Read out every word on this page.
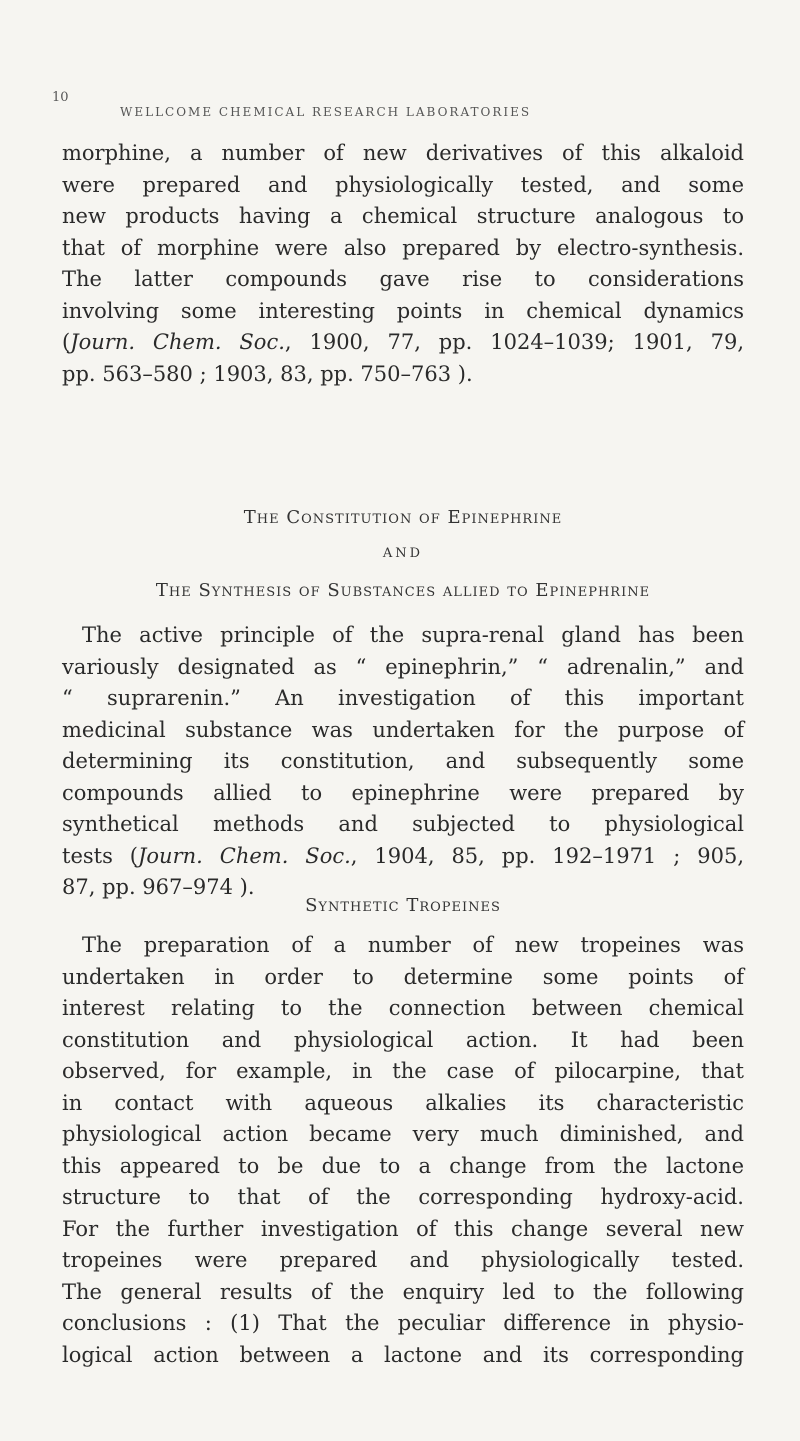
10
WELLCOME CHEMICAL RESEARCH LABORATORIES
morphine, a number of new derivatives of this alkaloid
were prepared and physiologically tested, and some
new products having a chemical structure analogous to
that of morphine were also prepared by electro-synthesis.
The latter compounds gave rise to considerations
involving some interesting points in chemical dynamics
(Journ. Chem. Soc., 1900, 77, pp. 1024–1039; 1901, 79,
pp. 563–580 ; 1903, 83, pp. 750–763 ).
The Constitution of Epinephrine
AND
The Synthesis of Substances allied to Epinephrine
The active principle of the supra-renal gland has been
variously designated as “ epinephrin,” “ adrenalin,” and
“ suprarenin.” An investigation of this important
medicinal substance was undertaken for the purpose of
determining its constitution, and subsequently some
compounds allied to epinephrine were prepared by
synthetical methods and subjected to physiological
tests (Journ. Chem. Soc., 1904, 85, pp. 192–1971 ; 905,
87, pp. 967–974 ).
Synthetic Tropeines
The preparation of a number of new tropeines was
undertaken in order to determine some points of
interest relating to the connection between chemical
constitution and physiological action. It had been
observed, for example, in the case of pilocarpine, that
in contact with aqueous alkalies its characteristic
physiological action became very much diminished, and
this appeared to be due to a change from the lactone
structure to that of the corresponding hydroxy-acid.
For the further investigation of this change several new
tropeines were prepared and physiologically tested.
The general results of the enquiry led to the following
conclusions : (1) That the peculiar difference in physio-
logical action between a lactone and its corresponding
